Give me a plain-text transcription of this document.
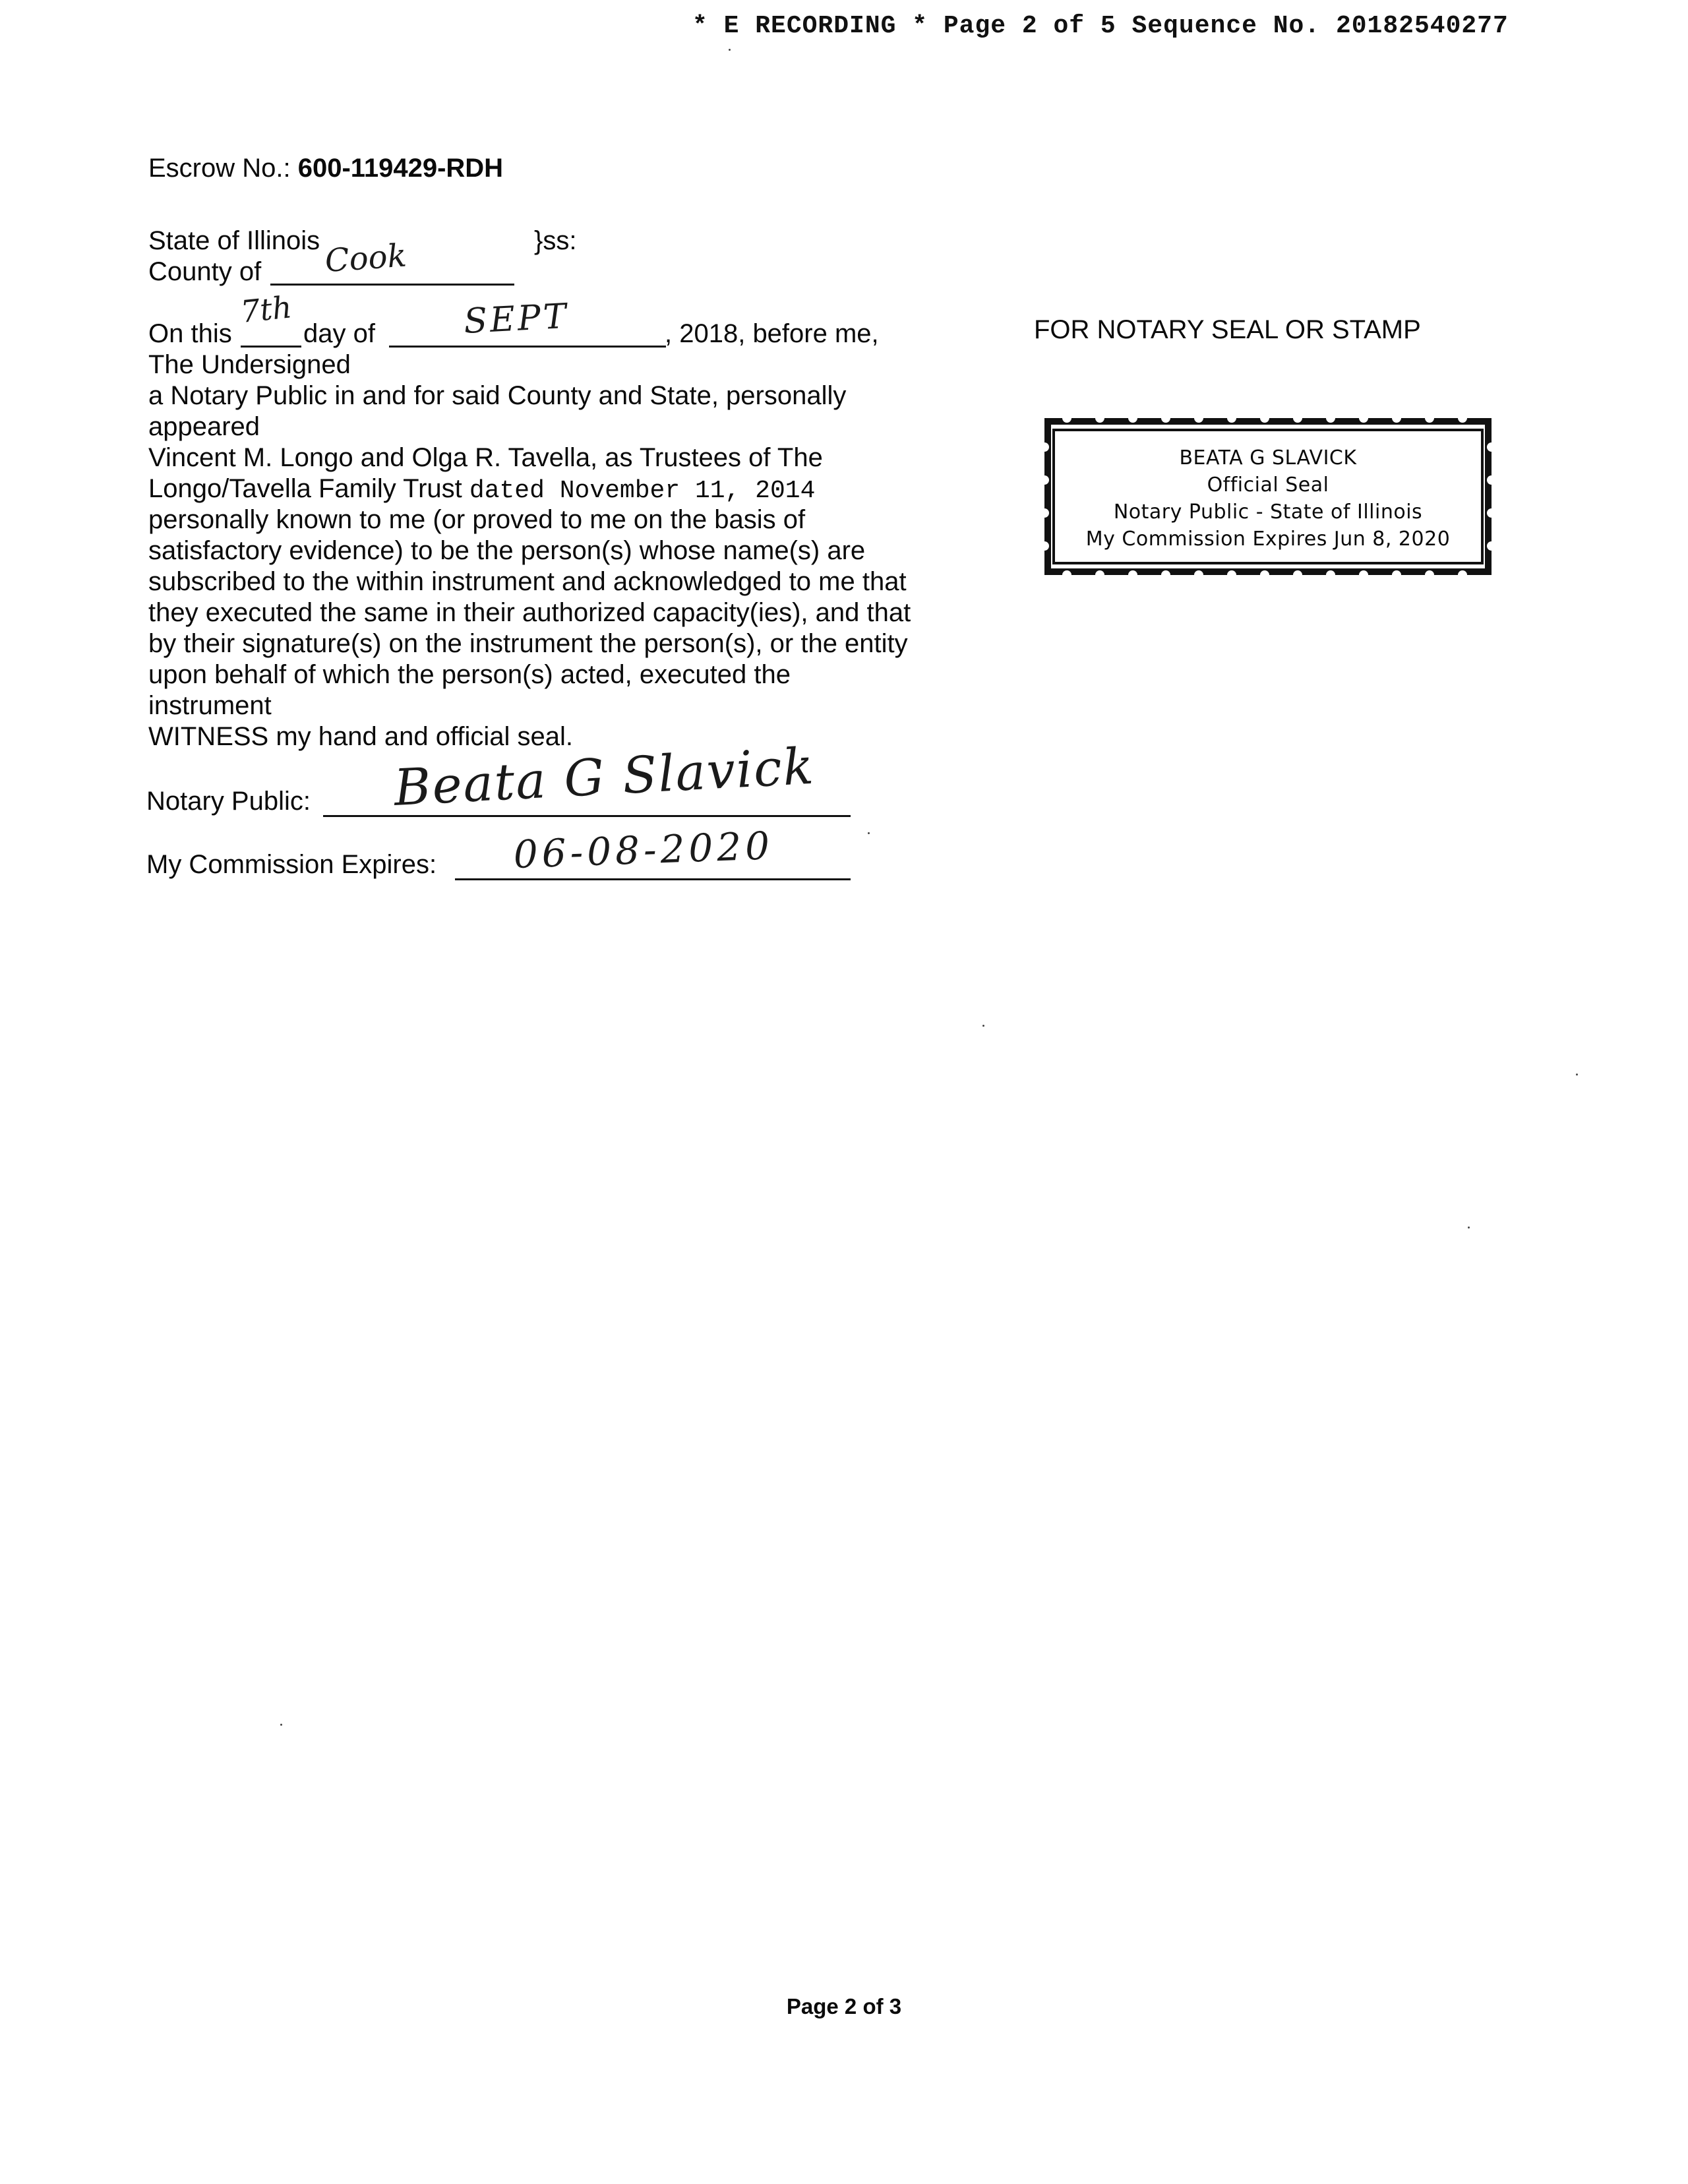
* E RECORDING * Page 2 of 5 Sequence No. 20182540277
Escrow No.: 600-119429-RDH
State of Illinois	}ss:
County of Cook
On this
7th
day of	SEPT	, 2018, before me,
The Undersigned
a Notary Public in and for said County and State, personally
appeared
Vincent M. Longo and Olga R. Tavella, as Trustees of The
Longo/Tavella Family Trust dated November 11, 2014
personally known to me (or proved to me on the basis of
satisfactory evidence) to be the person(s) whose name(s) are
subscribed to the within instrument and acknowledged to me that
they executed the same in their authorized capacity(ies), and that
by their signature(s) on the instrument the person(s), or the entity
upon behalf of which the person(s) acted, executed the
instrument
WITNESS my hand and official seal.
Notary Public: Beata G Slavick
My Commission Expires: 06-08-2020
FOR NOTARY SEAL OR STAMP
BEATA G SLAVICK
Official Seal
Notary Public - State of Illinois
My Commission Expires Jun 8, 2020
Page 2 of 3
